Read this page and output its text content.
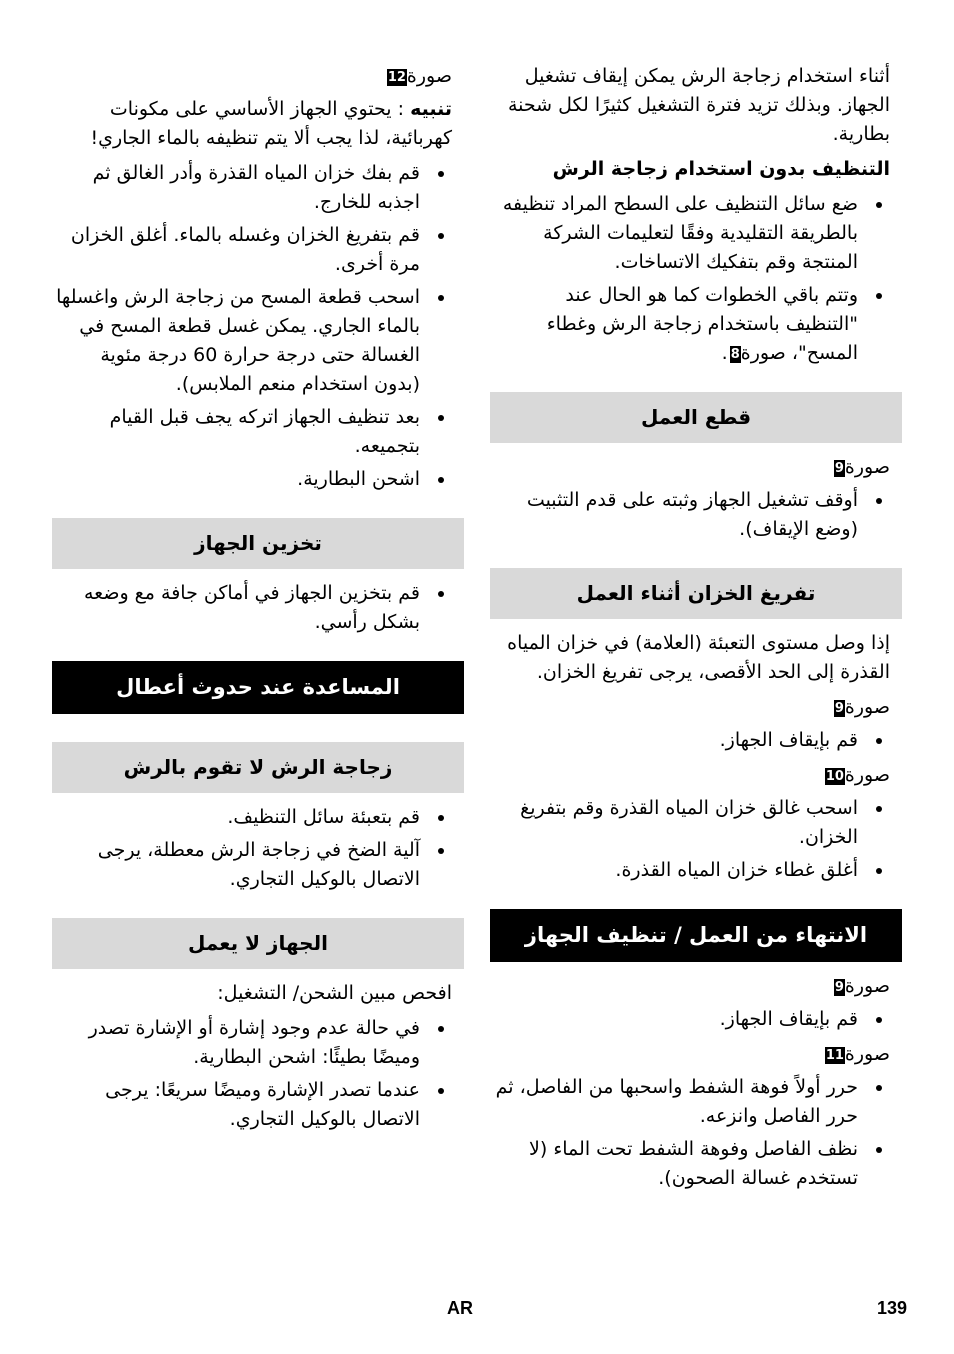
أثناء استخدام زجاجة الرش يمكن إيقاف تشغيل الجهاز. وبذلك تزيد فترة التشغيل كثيرًا لكل شحنة بطارية.

التنظيف بدون استخدام زجاجة الرش

ضع سائل التنظيف على السطح المراد تنظيفه بالطريقة التقليدية وفقًا لتعليمات الشركة المنتجة وقم بتفكيك الاتساخات.
وتتم باقي الخطوات كما هو الحال عند "التنظيف باستخدام زجاجة الرش وغطاء المسح"، صورة8.
قطع العمل

صورة9

أوقف تشغيل الجهاز وثبته على قدم التثبيت (وضع الإيقاف).
تفريغ الخزان أثناء العمل

إذا وصل مستوى التعبئة (العلامة) في خزان المياه القذرة إلى الحد الأقصى، يرجى تفريغ الخزان.

صورة9

قم بإيقاف الجهاز.

صورة10

اسحب غالق خزان المياه القذرة وقم بتفريغ الخزان.
أغلق غطاء خزان المياه القذرة.
الانتهاء من العمل / تنظيف الجهاز

صورة9

قم بإيقاف الجهاز.

صورة11

حرر أولاً فوهة الشفط واسحبها من الفاصل، ثم حرر الفاصل وانزعه.
نظف الفاصل وفوهة الشفط تحت الماء (لا تستخدم غسالة الصحون).

صورة12

تنبيه : يحتوي الجهاز الأساسي على مكونات كهربائية، لذا يجب ألا يتم تنظيفه بالماء الجاري!

قم بفك خزان المياه القذرة وأدر الغالق ثم اجذبه للخارج.
قم بتفريغ الخزان وغسله بالماء. أغلق الخزان مرة أخرى.
اسحب قطعة المسح من زجاجة الرش واغسلها بالماء الجاري. يمكن غسل قطعة المسح في الغسالة حتى درجة حرارة 60 درجة مئوية (بدون استخدام منعم الملابس).
بعد تنظيف الجهاز اتركه يجف قبل القيام بتجميعه.
اشحن البطارية.
تخزين الجهاز
قم بتخزين الجهاز في أماكن جافة مع وضعه بشكل رأسي.
المساعدة عند حدوث أعطال
زجاجة الرش لا تقوم بالرش
قم بتعبئة سائل التنظيف.
آلية الضخ في زجاجة الرش معطلة، يرجى الاتصال بالوكيل التجاري.
الجهاز لا يعمل

افحص مبين الشحن/ التشغيل:

في حالة عدم وجود إشارة أو الإشارة تصدر وميضًا بطيئًا: اشحن البطارية.
عندما تصدر الإشارة وميضًا سريعًا: يرجى الاتصال بالوكيل التجاري.
AR	139
